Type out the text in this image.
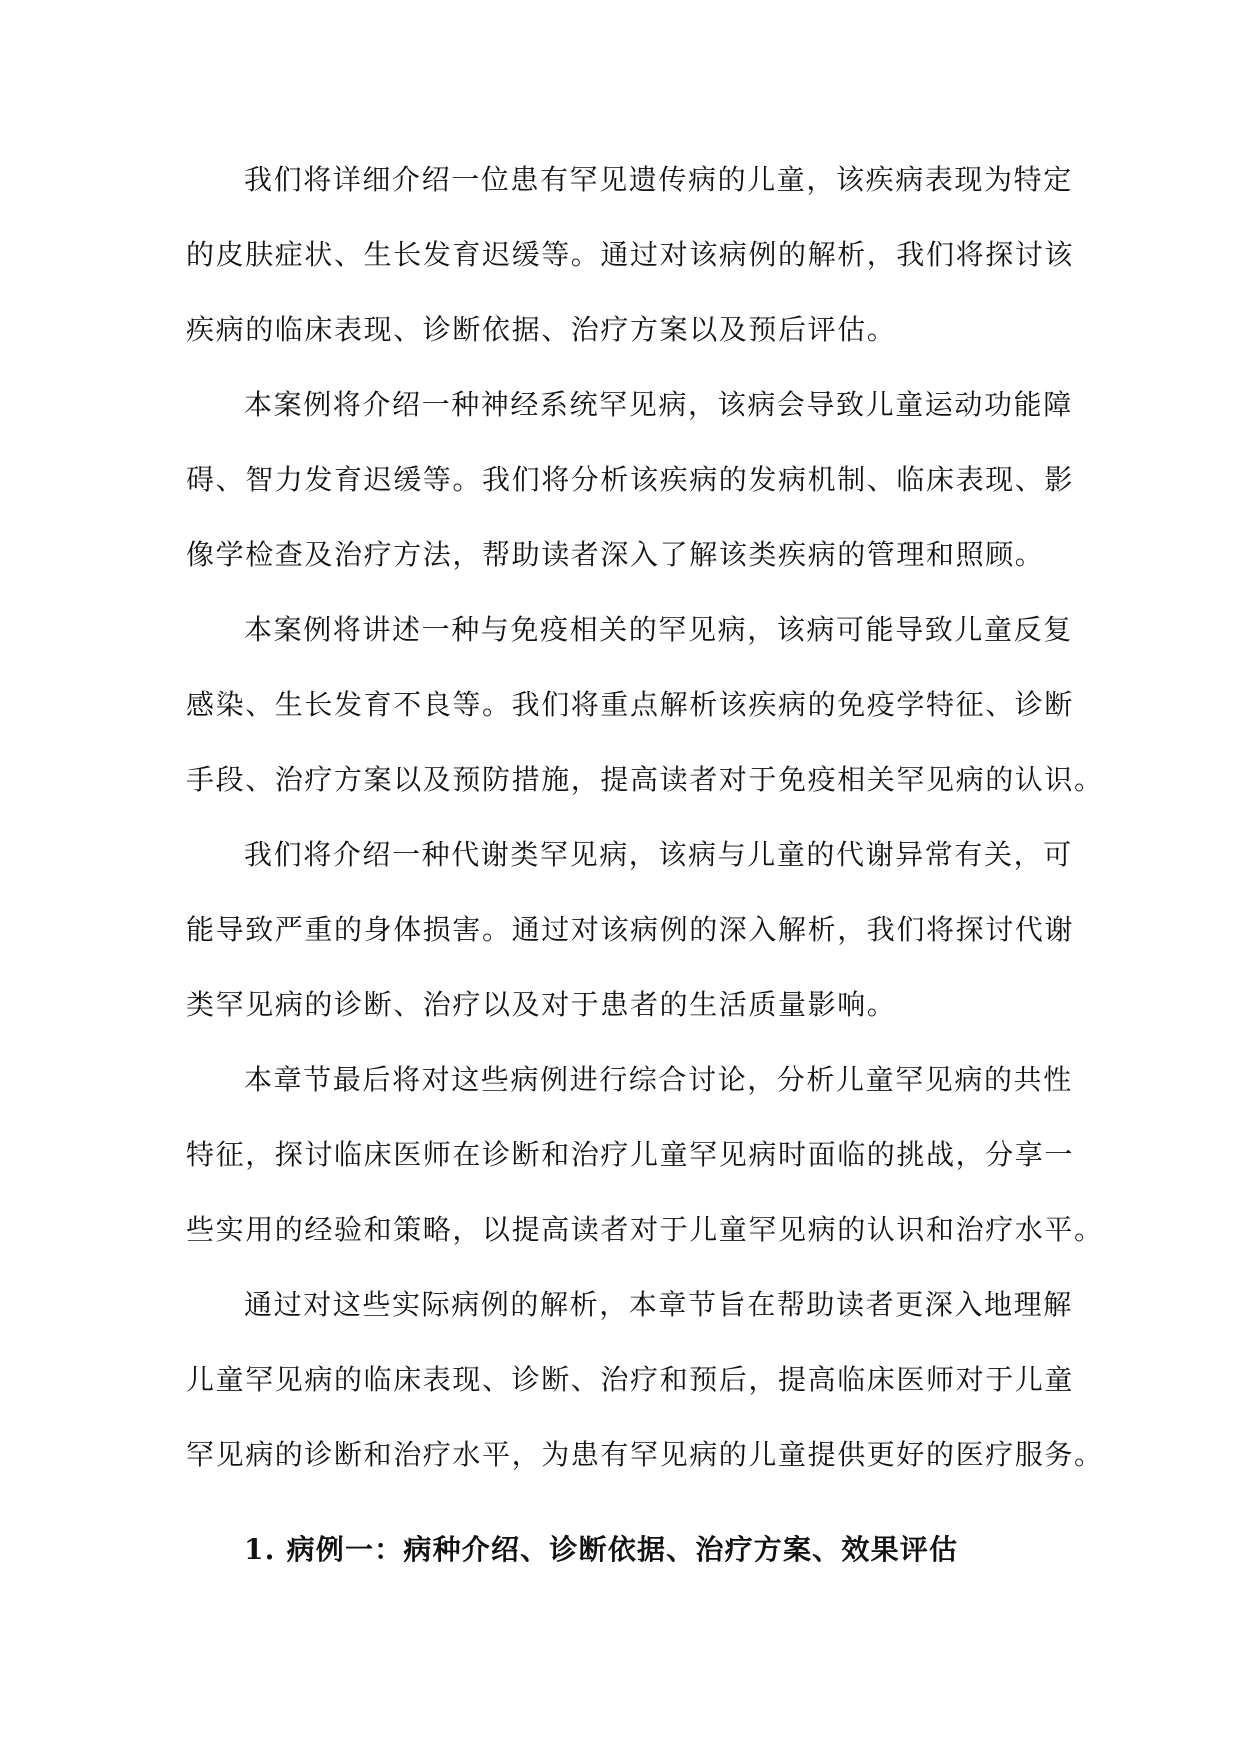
我们将详细介绍一位患有罕见遗传病的儿童，该疾病表现为特定
的皮肤症状、生长发育迟缓等。通过对该病例的解析，我们将探讨该
疾病的临床表现、诊断依据、治疗方案以及预后评估。
本案例将介绍一种神经系统罕见病，该病会导致儿童运动功能障
碍、智力发育迟缓等。我们将分析该疾病的发病机制、临床表现、影
像学检查及治疗方法，帮助读者深入了解该类疾病的管理和照顾。
本案例将讲述一种与免疫相关的罕见病，该病可能导致儿童反复
感染、生长发育不良等。我们将重点解析该疾病的免疫学特征、诊断
手段、治疗方案以及预防措施，提高读者对于免疫相关罕见病的认识。
我们将介绍一种代谢类罕见病，该病与儿童的代谢异常有关，可
能导致严重的身体损害。通过对该病例的深入解析，我们将探讨代谢
类罕见病的诊断、治疗以及对于患者的生活质量影响。
本章节最后将对这些病例进行综合讨论，分析儿童罕见病的共性
特征，探讨临床医师在诊断和治疗儿童罕见病时面临的挑战，分享一
些实用的经验和策略，以提高读者对于儿童罕见病的认识和治疗水平。
通过对这些实际病例的解析，本章节旨在帮助读者更深入地理解
儿童罕见病的临床表现、诊断、治疗和预后，提高临床医师对于儿童
罕见病的诊断和治疗水平，为患有罕见病的儿童提供更好的医疗服务。
1. 病例一：病种介绍、诊断依据、治疗方案、效果评估
